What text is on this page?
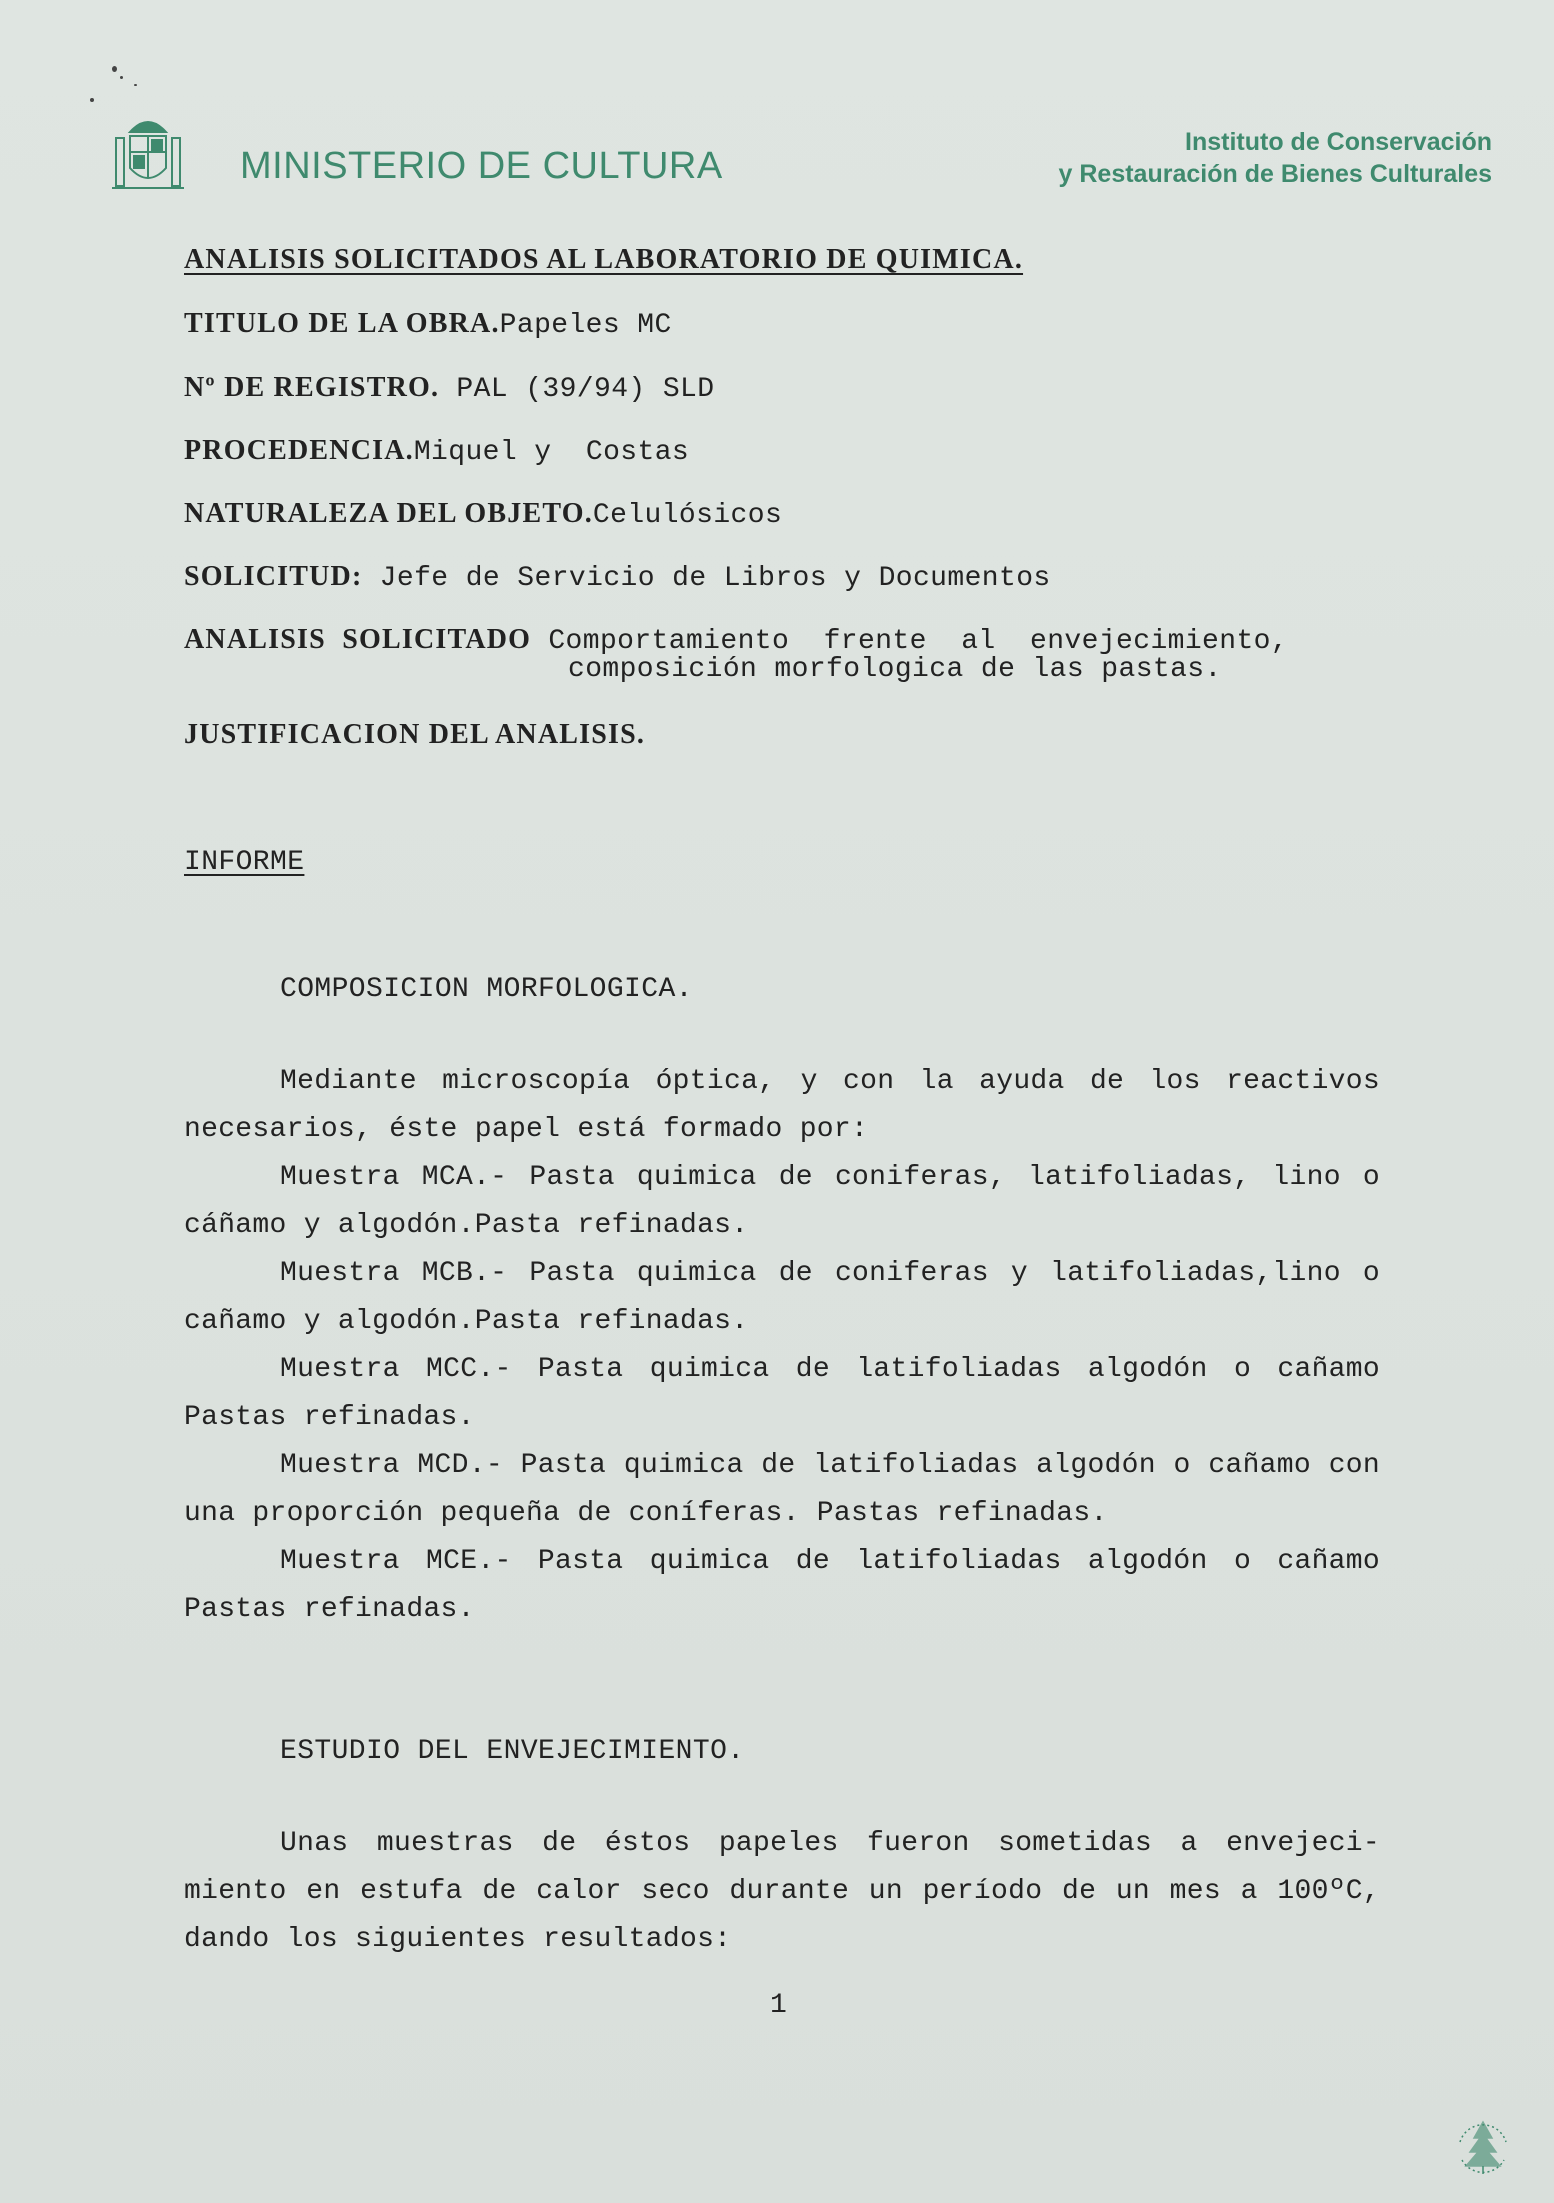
MINISTERIO DE CULTURA
Instituto de Conservación
y Restauración de Bienes Culturales
ANALISIS SOLICITADOS AL LABORATORIO DE QUIMICA.
TITULO DE LA OBRA.Papeles MC
Nº DE REGISTRO. PAL (39/94) SLD
PROCEDENCIA.Miquel y  Costas
NATURALEZA DEL OBJETO.Celulósicos
SOLICITUD: Jefe de Servicio de Libros y Documentos
ANALISIS  SOLICITADO Comportamiento  frente  al  envejecimiento,
composición morfologica de las pastas.
JUSTIFICACION DEL ANALISIS.
INFORME
COMPOSICION MORFOLOGICA.
Mediante microscopía óptica, y con la ayuda de los reactivos necesarios, éste papel está formado por:
Muestra MCA.- Pasta quimica de coniferas, latifoliadas, lino o cáñamo y algodón.Pasta refinadas.
Muestra MCB.- Pasta quimica de coniferas y latifoliadas,lino o cañamo y algodón.Pasta refinadas.
Muestra MCC.- Pasta quimica de latifoliadas algodón o cañamo Pastas refinadas.
Muestra MCD.- Pasta quimica de latifoliadas algodón o cañamo con una proporción pequeña de coníferas. Pastas refinadas.
Muestra MCE.- Pasta quimica de latifoliadas algodón o cañamo Pastas refinadas.
ESTUDIO DEL ENVEJECIMIENTO.
Unas muestras de éstos papeles fueron sometidas a envejeci-miento en estufa de calor seco durante un período de un mes a 100ºC, dando los siguientes resultados:
1
